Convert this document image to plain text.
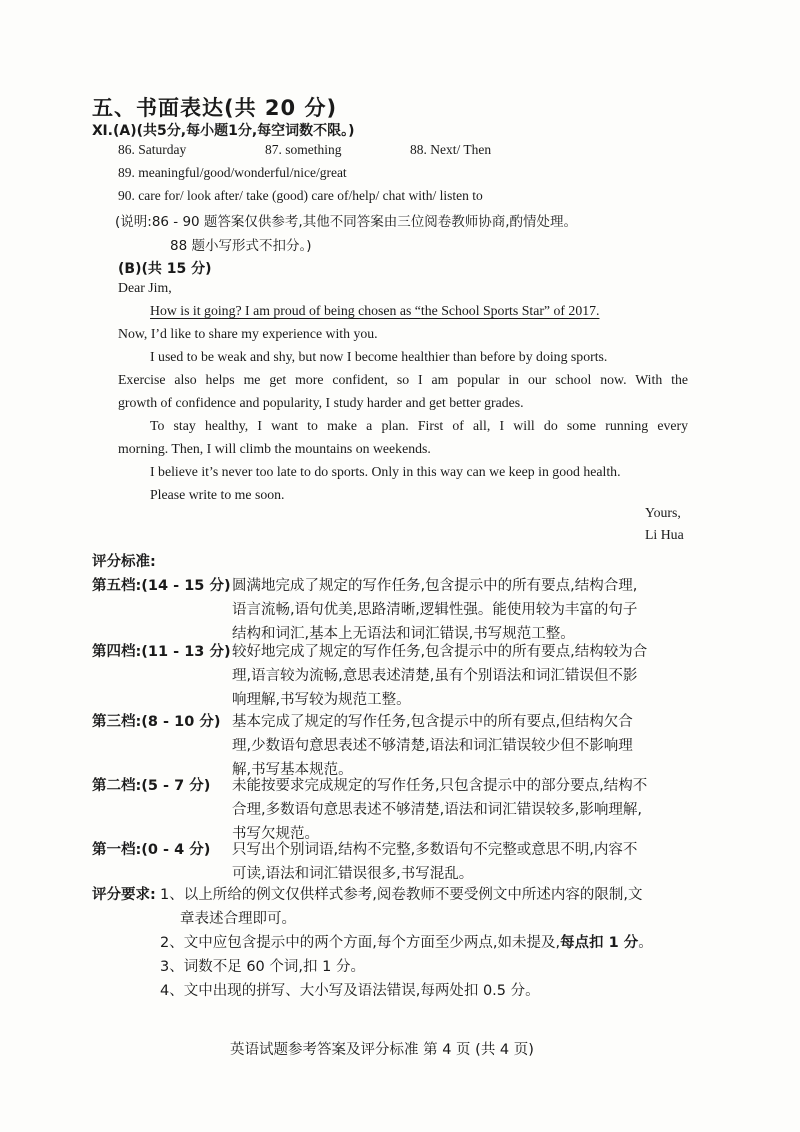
五、书面表达(共 20 分)
Ⅺ.(A)(共5分,每小题1分,每空词数不限。)
86. Saturday	87. something	88. Next/ Then
89. meaningful/good/wonderful/nice/great
90. care for/ look after/ take (good) care of/help/ chat with/ listen to
(说明:86 - 90 题答案仅供参考,其他不同答案由三位阅卷教师协商,酌情处理。
88 题小写形式不扣分。)
(B)(共 15 分)
Dear Jim,
How is it going? I am proud of being chosen as “the School Sports Star” of 2017.
Now, I’d like to share my experience with you.
I used to be weak and shy, but now I become healthier than before by doing sports.
Exercise also helps me get more confident, so I am popular in our school now. With the
growth of confidence and popularity, I study harder and get better grades.
To stay healthy, I want to make a plan. First of all, I will do some running every
morning. Then, I will climb the mountains on weekends.
I believe it’s never too late to do sports. Only in this way can we keep in good health.
Please write to me soon.
Yours,
Li Hua
评分标准:
第五档:(14 - 15 分) 圆满地完成了规定的写作任务,包含提示中的所有要点,结构合理,
语言流畅,语句优美,思路清晰,逻辑性强。能使用较为丰富的句子
结构和词汇,基本上无语法和词汇错误,书写规范工整。
第四档:(11 - 13 分) 较好地完成了规定的写作任务,包含提示中的所有要点,结构较为合
理,语言较为流畅,意思表述清楚,虽有个别语法和词汇错误但不影
响理解,书写较为规范工整。
第三档:(8 - 10 分) 基本完成了规定的写作任务,包含提示中的所有要点,但结构欠合
理,少数语句意思表述不够清楚,语法和词汇错误较少但不影响理
解,书写基本规范。
第二档:(5 - 7 分) 未能按要求完成规定的写作任务,只包含提示中的部分要点,结构不
合理,多数语句意思表述不够清楚,语法和词汇错误较多,影响理解,
书写欠规范。
第一档:(0 - 4 分) 只写出个别词语,结构不完整,多数语句不完整或意思不明,内容不
可读,语法和词汇错误很多,书写混乱。
评分要求: 1、以上所给的例文仅供样式参考,阅卷教师不要受例文中所述内容的限制,文
章表述合理即可。
2、文中应包含提示中的两个方面,每个方面至少两点,如未提及,每点扣 1 分。
3、词数不足 60 个词,扣 1 分。
4、文中出现的拼写、大小写及语法错误,每两处扣 0.5 分。
英语试题参考答案及评分标准 第 4 页 (共 4 页)
